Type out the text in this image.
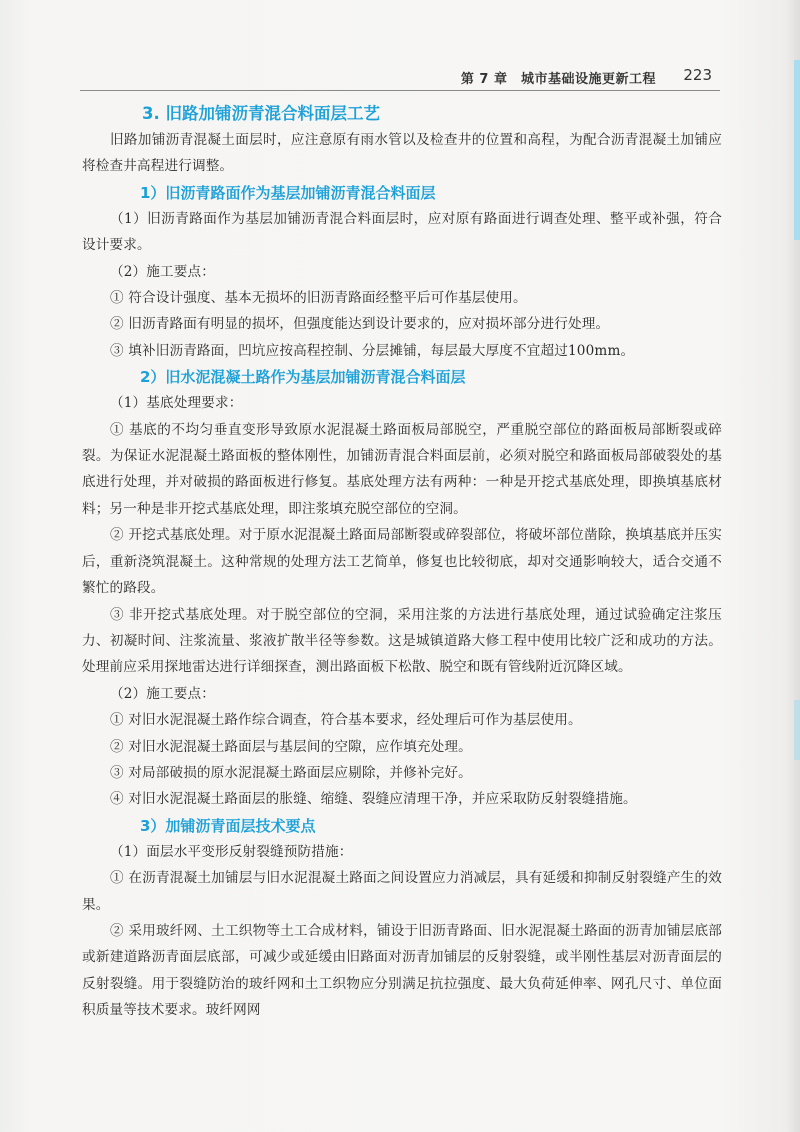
第 7 章　城市基础设施更新工程 223
3. 旧路加铺沥青混合料面层工艺

旧路加铺沥青混凝土面层时，应注意原有雨水管以及检查井的位置和高程，为配合沥青混凝土加铺应将检查井高程进行调整。

1）旧沥青路面作为基层加铺沥青混合料面层

（1）旧沥青路面作为基层加铺沥青混合料面层时，应对原有路面进行调查处理、整平或补强，符合设计要求。

（2）施工要点：

① 符合设计强度、基本无损坏的旧沥青路面经整平后可作基层使用。

② 旧沥青路面有明显的损坏，但强度能达到设计要求的，应对损坏部分进行处理。

③ 填补旧沥青路面，凹坑应按高程控制、分层摊铺，每层最大厚度不宜超过100mm。

2）旧水泥混凝土路作为基层加铺沥青混合料面层

（1）基底处理要求：

① 基底的不均匀垂直变形导致原水泥混凝土路面板局部脱空，严重脱空部位的路面板局部断裂或碎裂。为保证水泥混凝土路面板的整体刚性，加铺沥青混合料面层前，必须对脱空和路面板局部破裂处的基底进行处理，并对破损的路面板进行修复。基底处理方法有两种：一种是开挖式基底处理，即换填基底材料；另一种是非开挖式基底处理，即注浆填充脱空部位的空洞。

② 开挖式基底处理。对于原水泥混凝土路面局部断裂或碎裂部位，将破坏部位凿除，换填基底并压实后，重新浇筑混凝土。这种常规的处理方法工艺简单，修复也比较彻底，却对交通影响较大，适合交通不繁忙的路段。

③ 非开挖式基底处理。对于脱空部位的空洞，采用注浆的方法进行基底处理，通过试验确定注浆压力、初凝时间、注浆流量、浆液扩散半径等参数。这是城镇道路大修工程中使用比较广泛和成功的方法。处理前应采用探地雷达进行详细探查，测出路面板下松散、脱空和既有管线附近沉降区域。

（2）施工要点：

① 对旧水泥混凝土路作综合调查，符合基本要求，经处理后可作为基层使用。

② 对旧水泥混凝土路面层与基层间的空隙，应作填充处理。

③ 对局部破损的原水泥混凝土路面层应剔除，并修补完好。

④ 对旧水泥混凝土路面层的胀缝、缩缝、裂缝应清理干净，并应采取防反射裂缝措施。

3）加铺沥青面层技术要点

（1）面层水平变形反射裂缝预防措施：

① 在沥青混凝土加铺层与旧水泥混凝土路面之间设置应力消减层，具有延缓和抑制反射裂缝产生的效果。

② 采用玻纤网、土工织物等土工合成材料，铺设于旧沥青路面、旧水泥混凝土路面的沥青加铺层底部或新建道路沥青面层底部，可减少或延缓由旧路面对沥青加铺层的反射裂缝，或半刚性基层对沥青面层的反射裂缝。用于裂缝防治的玻纤网和土工织物应分别满足抗拉强度、最大负荷延伸率、网孔尺寸、单位面积质量等技术要求。玻纤网网
